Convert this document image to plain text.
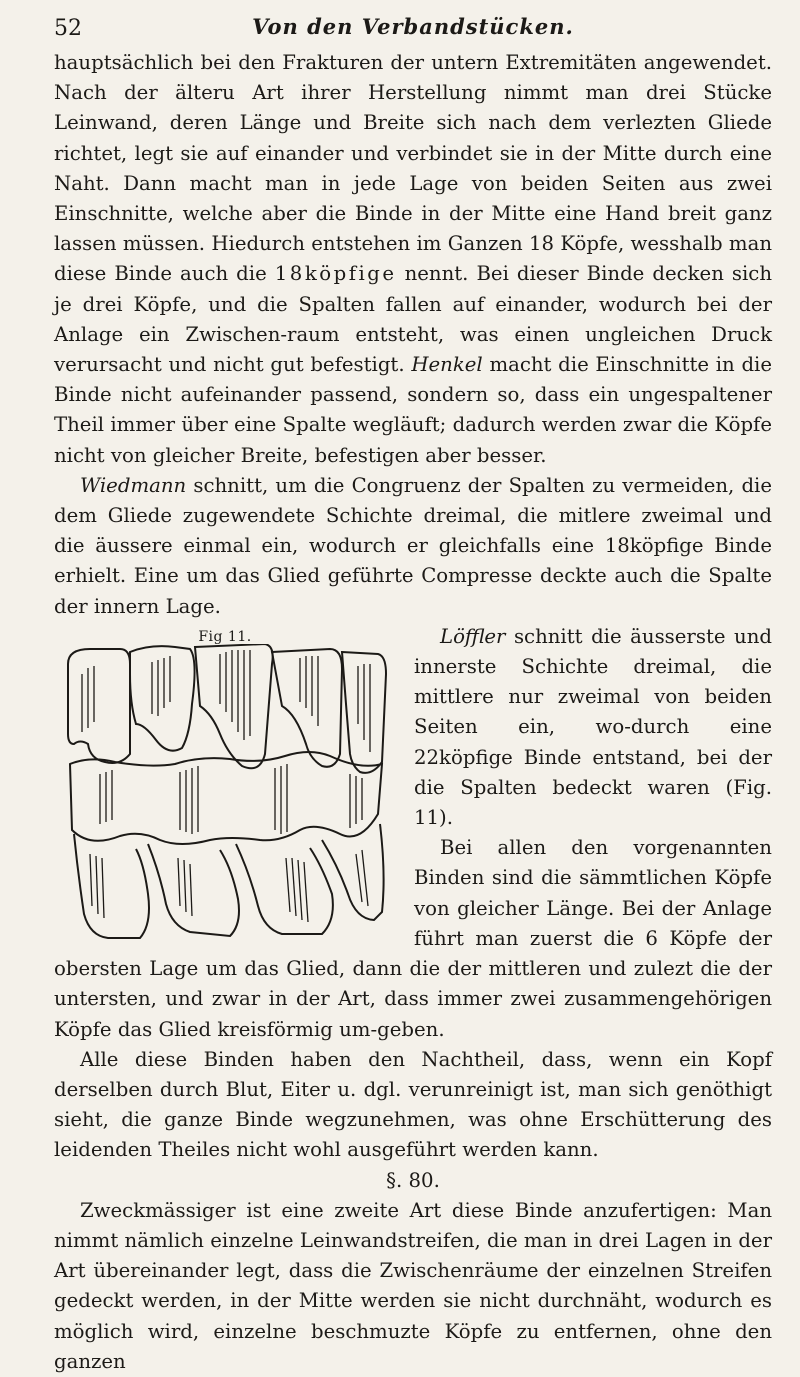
52	Von den Verbandstücken.

hauptsächlich bei den Frakturen der untern Extremitäten angewendet. Nach der älteru Art ihrer Herstellung nimmt man drei Stücke Leinwand, deren Länge und Breite sich nach dem verlezten Gliede richtet, legt sie auf einander und verbindet sie in der Mitte durch eine Naht. Dann macht man in jede Lage von beiden Seiten aus zwei Einschnitte, welche aber die Binde in der Mitte eine Hand breit ganz lassen müssen. Hiedurch entstehen im Ganzen 18 Köpfe, wesshalb man diese Binde auch die 18köpfige nennt. Bei dieser Binde decken sich je drei Köpfe, und die Spalten fallen auf einander, wodurch bei der Anlage ein Zwischen-raum entsteht, was einen ungleichen Druck verursacht und nicht gut befestigt. Henkel macht die Einschnitte in die Binde nicht aufeinander passend, sondern so, dass ein ungespaltener Theil immer über eine Spalte wegläuft; dadurch werden zwar die Köpfe nicht von gleicher Breite, befestigen aber besser.

Wiedmann schnitt, um die Congruenz der Spalten zu vermeiden, die dem Gliede zugewendete Schichte dreimal, die mitlere zweimal und die äussere einmal ein, wodurch er gleichfalls eine 18köpfige Binde erhielt. Eine um das Glied geführte Compresse deckte auch die Spalte der innern Lage.

Fig 11.	Löffler schnitt die äusserste und innerste Schichte dreimal, die mittlere nur zweimal von beiden Seiten ein, wo-durch eine 22köpfige Binde entstand, bei der die Spalten bedeckt waren (Fig. 11).

Bei allen den vorgenannten Binden sind die sämmtlichen Köpfe von gleicher Länge. Bei der Anlage führt man zuerst die 6 Köpfe der obersten Lage um das Glied, dann die der mittleren und zulezt die der untersten, und zwar in der Art, dass immer zwei zusammengehörigen Köpfe das Glied kreisförmig um-geben.

Alle diese Binden haben den Nachtheil, dass, wenn ein Kopf derselben durch Blut, Eiter u. dgl. verunreinigt ist, man sich genöthigt sieht, die ganze Binde wegzunehmen, was ohne Erschütterung des leidenden Theiles nicht wohl ausgeführt werden kann.

§. 80.

Zweckmässiger ist eine zweite Art diese Binde anzufertigen: Man nimmt nämlich einzelne Leinwandstreifen, die man in drei Lagen in der Art übereinander legt, dass die Zwischenräume der einzelnen Streifen gedeckt werden, in der Mitte werden sie nicht durchnäht, wodurch es möglich wird, einzelne beschmuzte Köpfe zu entfernen, ohne den ganzen
